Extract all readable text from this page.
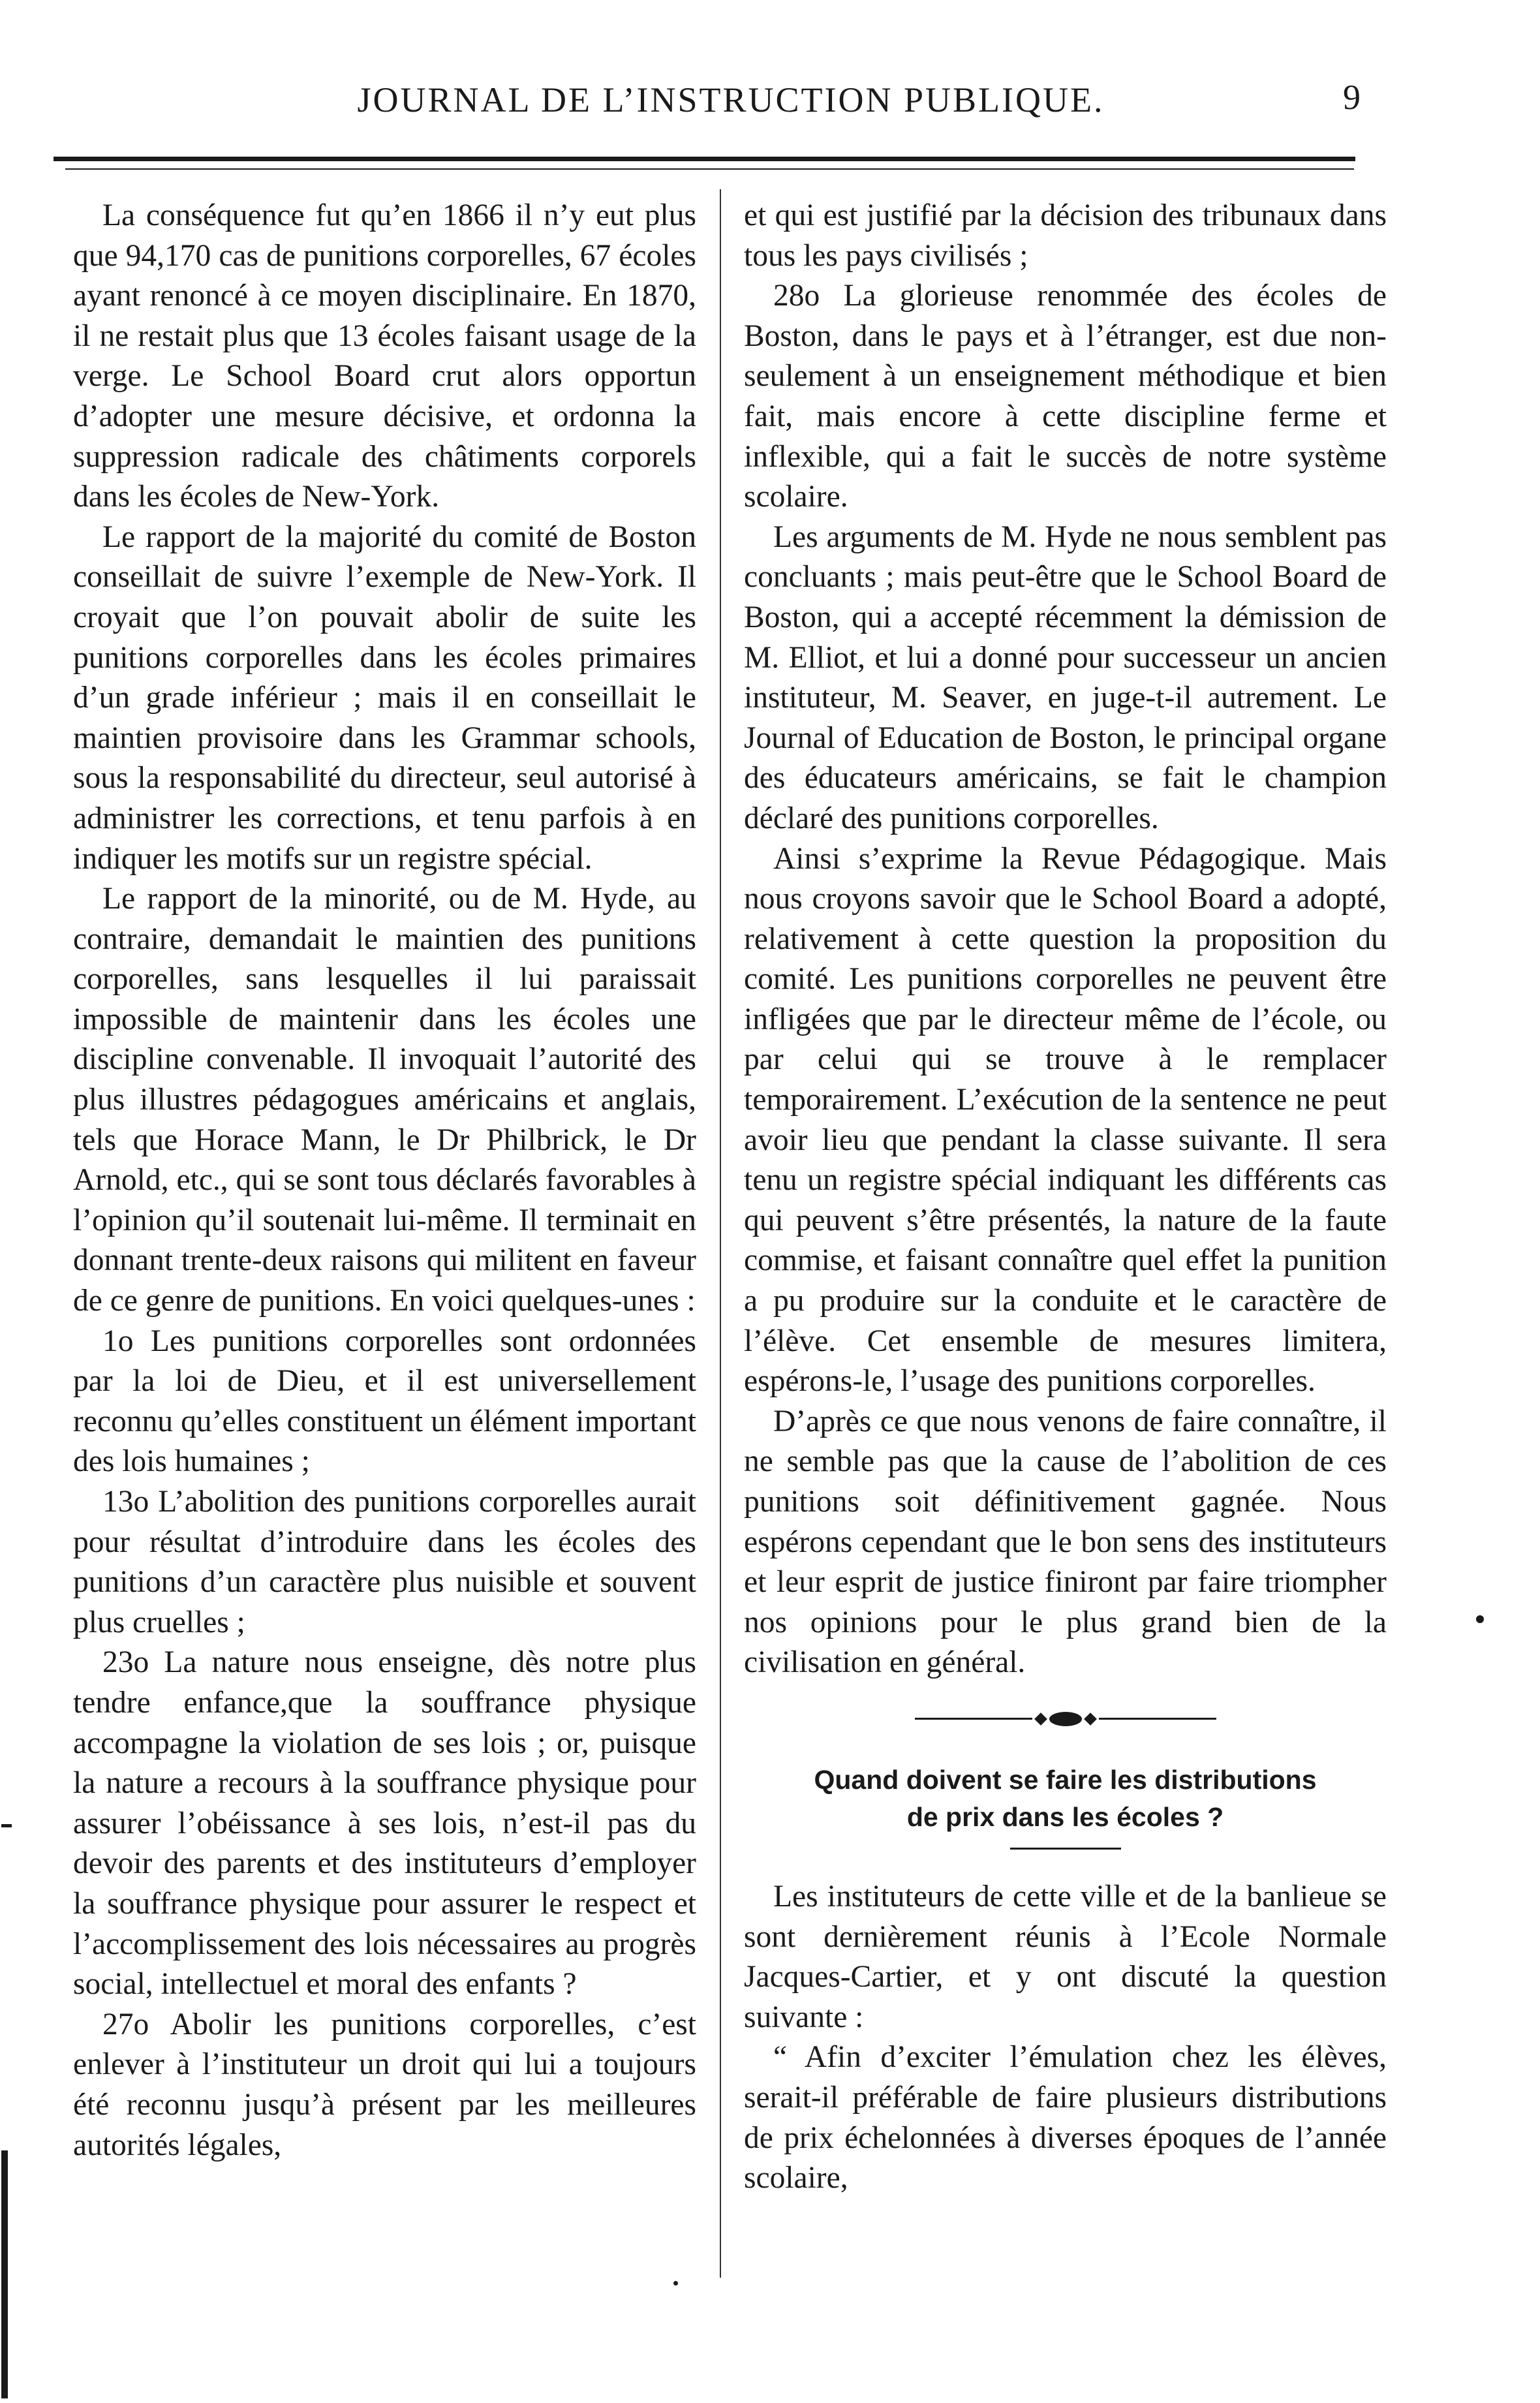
JOURNAL DE L’INSTRUCTION PUBLIQUE.	9

La conséquence fut qu’en 1866 il n’y eut plus que 94,170 cas de punitions corporelles, 67 écoles ayant renoncé à ce moyen disciplinaire. En 1870, il ne restait plus que 13 écoles faisant usage de la verge. Le School Board crut alors opportun d’adopter une mesure décisive, et ordonna la suppression radicale des châtiments corporels dans les écoles de New-York.

Le rapport de la majorité du comité de Boston conseillait de suivre l’exemple de New-York. Il croyait que l’on pouvait abolir de suite les punitions corporelles dans les écoles primaires d’un grade inférieur ; mais il en conseillait le maintien provisoire dans les Grammar schools, sous la responsabilité du directeur, seul autorisé à administrer les corrections, et tenu parfois à en indiquer les motifs sur un registre spécial.

Le rapport de la minorité, ou de M. Hyde, au contraire, demandait le maintien des punitions corporelles, sans lesquelles il lui paraissait impossible de maintenir dans les écoles une discipline convenable. Il invoquait l’autorité des plus illustres pédagogues américains et anglais, tels que Horace Mann, le Dr Philbrick, le Dr Arnold, etc., qui se sont tous déclarés favorables à l’opinion qu’il soutenait lui-même. Il terminait en donnant trente-deux raisons qui militent en faveur de ce genre de punitions. En voici quelques-unes :

1o Les punitions corporelles sont ordonnées par la loi de Dieu, et il est universellement reconnu qu’elles constituent un élément important des lois humaines ;

13o L’abolition des punitions corporelles aurait pour résultat d’introduire dans les écoles des punitions d’un caractère plus nuisible et souvent plus cruelles ;

23o La nature nous enseigne, dès notre plus tendre enfance,que la souffrance physique accompagne la violation de ses lois ; or, puisque la nature a recours à la souffrance physique pour assurer l’obéissance à ses lois, n’est-il pas du devoir des parents et des instituteurs d’employer la souffrance physique pour assurer le respect et l’accomplissement des lois nécessaires au progrès social, intellectuel et moral des enfants ?

27o Abolir les punitions corporelles, c’est enlever à l’instituteur un droit qui lui a toujours été reconnu jusqu’à présent par les meilleures autorités légales,

et qui est justifié par la décision des tribunaux dans tous les pays civilisés ;

28o La glorieuse renommée des écoles de Boston, dans le pays et à l’étranger, est due non-seulement à un enseignement méthodique et bien fait, mais encore à cette discipline ferme et inflexible, qui a fait le succès de notre système scolaire.

Les arguments de M. Hyde ne nous semblent pas concluants ; mais peut-être que le School Board de Boston, qui a accepté récemment la démission de M. Elliot, et lui a donné pour successeur un ancien instituteur, M. Seaver, en juge-t-il autrement. Le Journal of Education de Boston, le principal organe des éducateurs américains, se fait le champion déclaré des punitions corporelles.

Ainsi s’exprime la Revue Pédagogique. Mais nous croyons savoir que le School Board a adopté, relativement à cette question la proposition du comité. Les punitions corporelles ne peuvent être infligées que par le directeur même de l’école, ou par celui qui se trouve à le remplacer temporairement. L’exécution de la sentence ne peut avoir lieu que pendant la classe suivante. Il sera tenu un registre spécial indiquant les différents cas qui peuvent s’être présentés, la nature de la faute commise, et faisant connaître quel effet la punition a pu produire sur la conduite et le caractère de l’élève. Cet ensemble de mesures limitera, espérons-le, l’usage des punitions corporelles.

D’après ce que nous venons de faire connaître, il ne semble pas que la cause de l’abolition de ces punitions soit définitivement gagnée. Nous espérons cependant que le bon sens des instituteurs et leur esprit de justice finiront par faire triompher nos opinions pour le plus grand bien de la civilisation en général.

Quand doivent se faire les distributions
de prix dans les écoles ?

Les instituteurs de cette ville et de la banlieue se sont dernièrement réunis à l’Ecole Normale Jacques-Cartier, et y ont discuté la question suivante :

“ Afin d’exciter l’émulation chez les élèves, serait-il préférable de faire plusieurs distributions de prix échelonnées à diverses époques de l’année scolaire,
